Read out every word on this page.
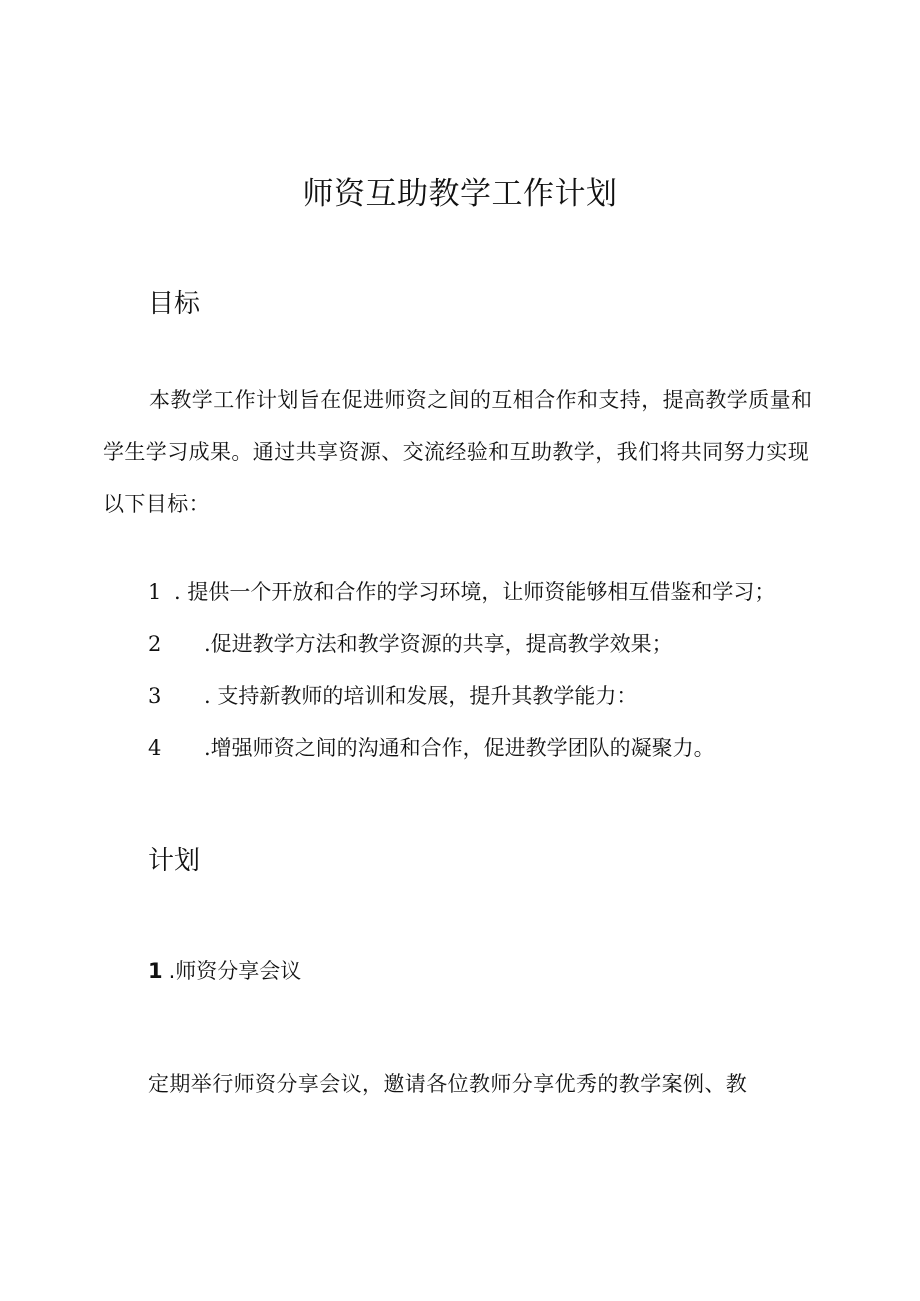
师资互助教学工作计划
目标

本教学工作计划旨在促进师资之间的互相合作和支持，提高教学质量和学生学习成果。通过共享资源、交流经验和互助教学，我们将共同努力实现以下目标：

1 . 提供一个开放和合作的学习环境，让师资能够相互借鉴和学习；
2	.促进教学方法和教学资源的共享，提高教学效果；
3	. 支持新教师的培训和发展，提升其教学能力：
4	.增强师资之间的沟通和合作，促进教学团队的凝聚力。
计划
1 .师资分享会议

定期举行师资分享会议，邀请各位教师分享优秀的教学案例、教
